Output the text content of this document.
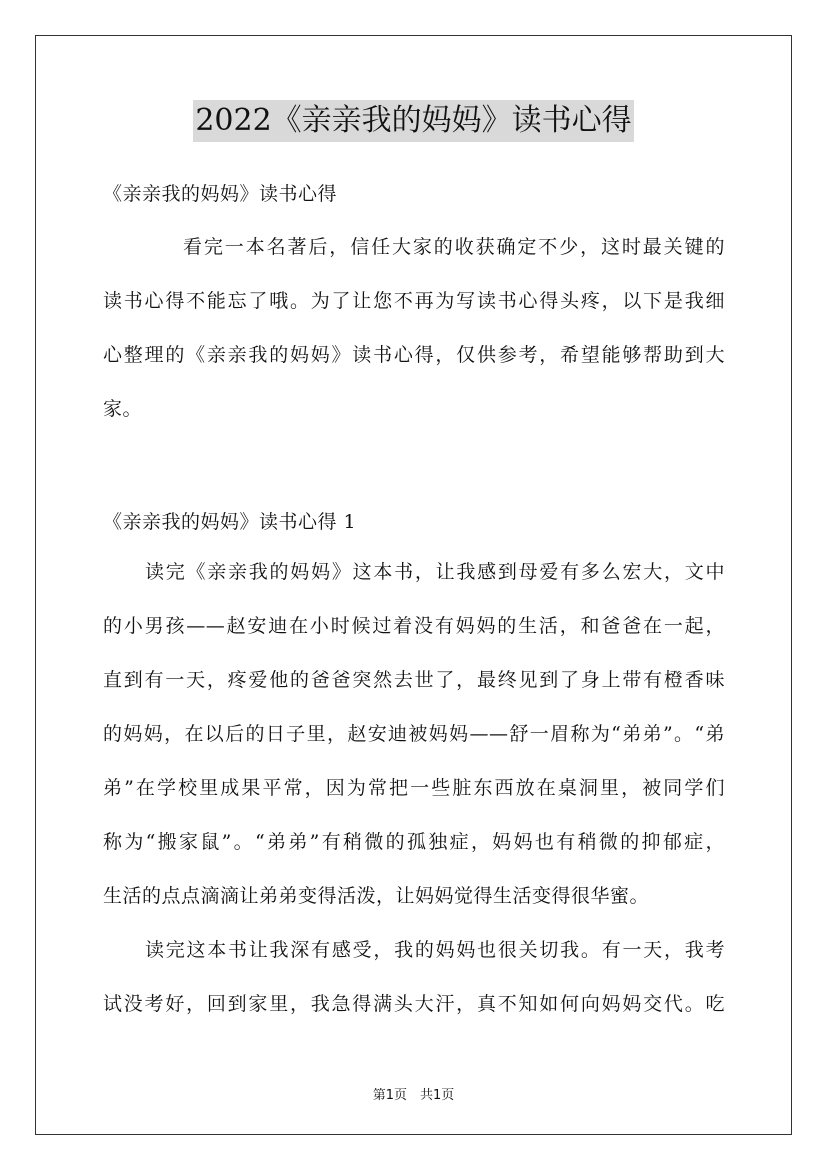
2022《亲亲我的妈妈》读书心得
《亲亲我的妈妈》读书心得
看完一本名著后，信任大家的收获确定不少，这时最关键的
读书心得不能忘了哦。为了让您不再为写读书心得头疼，以下是我细
心整理的《亲亲我的妈妈》读书心得，仅供参考，希望能够帮助到大
家。
《亲亲我的妈妈》读书心得 1
读完《亲亲我的妈妈》这本书，让我感到母爱有多么宏大，文中
的小男孩——赵安迪在小时候过着没有妈妈的生活，和爸爸在一起，
直到有一天，疼爱他的爸爸突然去世了，最终见到了身上带有橙香味
的妈妈，在以后的日子里，赵安迪被妈妈——舒一眉称为“弟弟”。“弟
弟”在学校里成果平常，因为常把一些脏东西放在桌洞里，被同学们
称为“搬家鼠”。“弟弟”有稍微的孤独症，妈妈也有稍微的抑郁症，
生活的点点滴滴让弟弟变得活泼，让妈妈觉得生活变得很华蜜。
读完这本书让我深有感受，我的妈妈也很关切我。有一天，我考
试没考好，回到家里，我急得满头大汗，真不知如何向妈妈交代。吃
第1页　共1页
